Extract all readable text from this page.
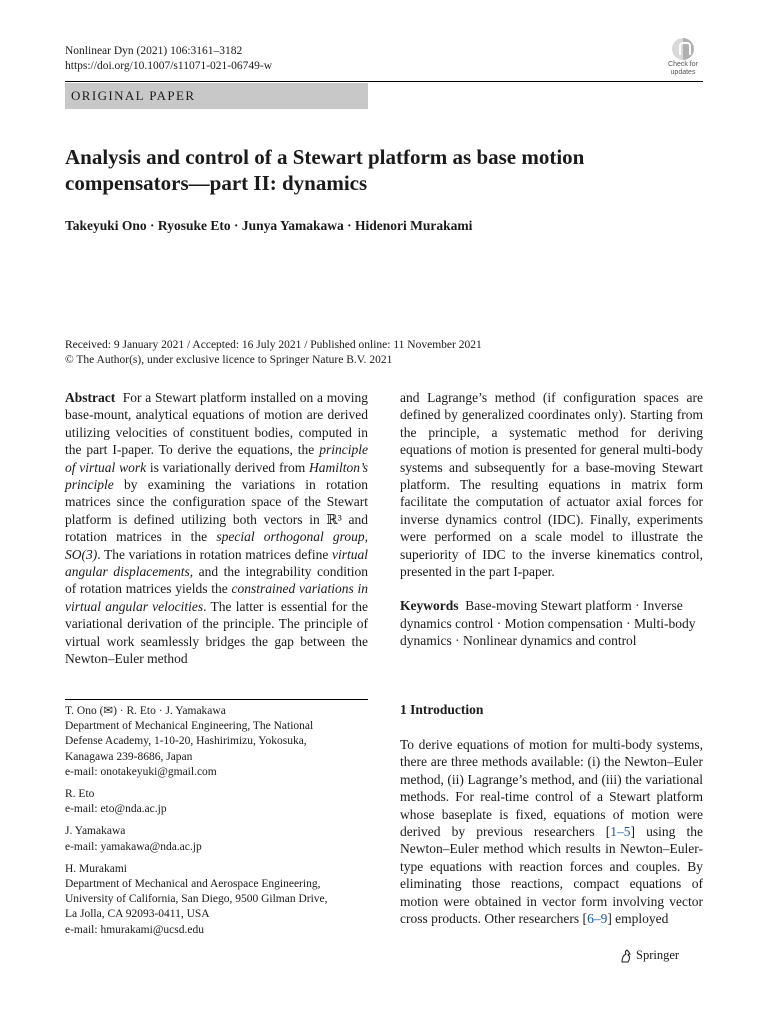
Nonlinear Dyn (2021) 106:3161–3182
https://doi.org/10.1007/s11071-021-06749-w	Check for updates
ORIGINAL PAPER
Analysis and control of a Stewart platform as base motion compensators—part II: dynamics
Takeyuki Ono · Ryosuke Eto · Junya Yamakawa · Hidenori Murakami
Received: 9 January 2021 / Accepted: 16 July 2021 / Published online: 11 November 2021
© The Author(s), under exclusive licence to Springer Nature B.V. 2021

Abstract For a Stewart platform installed on a moving base-mount, analytical equations of motion are derived utilizing velocities of constituent bodies, computed in the part I-paper. To derive the equations, the principle of virtual work is variationally derived from Hamilton’s principle by examining the variations in rotation matrices since the configuration space of the Stewart platform is defined utilizing both vectors in ℝ³ and rotation matrices in the special orthogonal group, SO(3). The variations in rotation matrices define virtual angular displacements, and the integrability condition of rotation matrices yields the constrained variations in virtual angular velocities. The latter is essential for the variational derivation of the principle. The principle of virtual work seamlessly bridges the gap between the Newton–Euler method

and Lagrange’s method (if configuration spaces are defined by generalized coordinates only). Starting from the principle, a systematic method for deriving equations of motion is presented for general multi-body systems and subsequently for a base-moving Stewart platform. The resulting equations in matrix form facilitate the computation of actuator axial forces for inverse dynamics control (IDC). Finally, experiments were performed on a scale model to illustrate the superiority of IDC to the inverse kinematics control, presented in the part I-paper.

Keywords Base-moving Stewart platform · Inverse dynamics control · Motion compensation · Multi-body dynamics · Nonlinear dynamics and control

T. Ono (✉) · R. Eto · J. Yamakawa
Department of Mechanical Engineering, The National
Defense Academy, 1-10-20, Hashirimizu, Yokosuka,
Kanagawa 239-8686, Japan
e-mail: onotakeyuki@gmail.com
R. Eto
e-mail: eto@nda.ac.jp
J. Yamakawa
e-mail: yamakawa@nda.ac.jp
H. Murakami
Department of Mechanical and Aerospace Engineering,
University of California, San Diego, 9500 Gilman Drive,
La Jolla, CA 92093-0411, USA
e-mail: hmurakami@ucsd.edu
1 Introduction

To derive equations of motion for multi-body systems, there are three methods available: (i) the Newton–Euler method, (ii) Lagrange’s method, and (iii) the variational methods. For real-time control of a Stewart platform whose baseplate is fixed, equations of motion were derived by previous researchers [1–5] using the Newton–Euler method which results in Newton–Euler-type equations with reaction forces and couples. By eliminating those reactions, compact equations of motion were obtained in vector form involving vector cross products. Other researchers [6–9] employed

Springer
